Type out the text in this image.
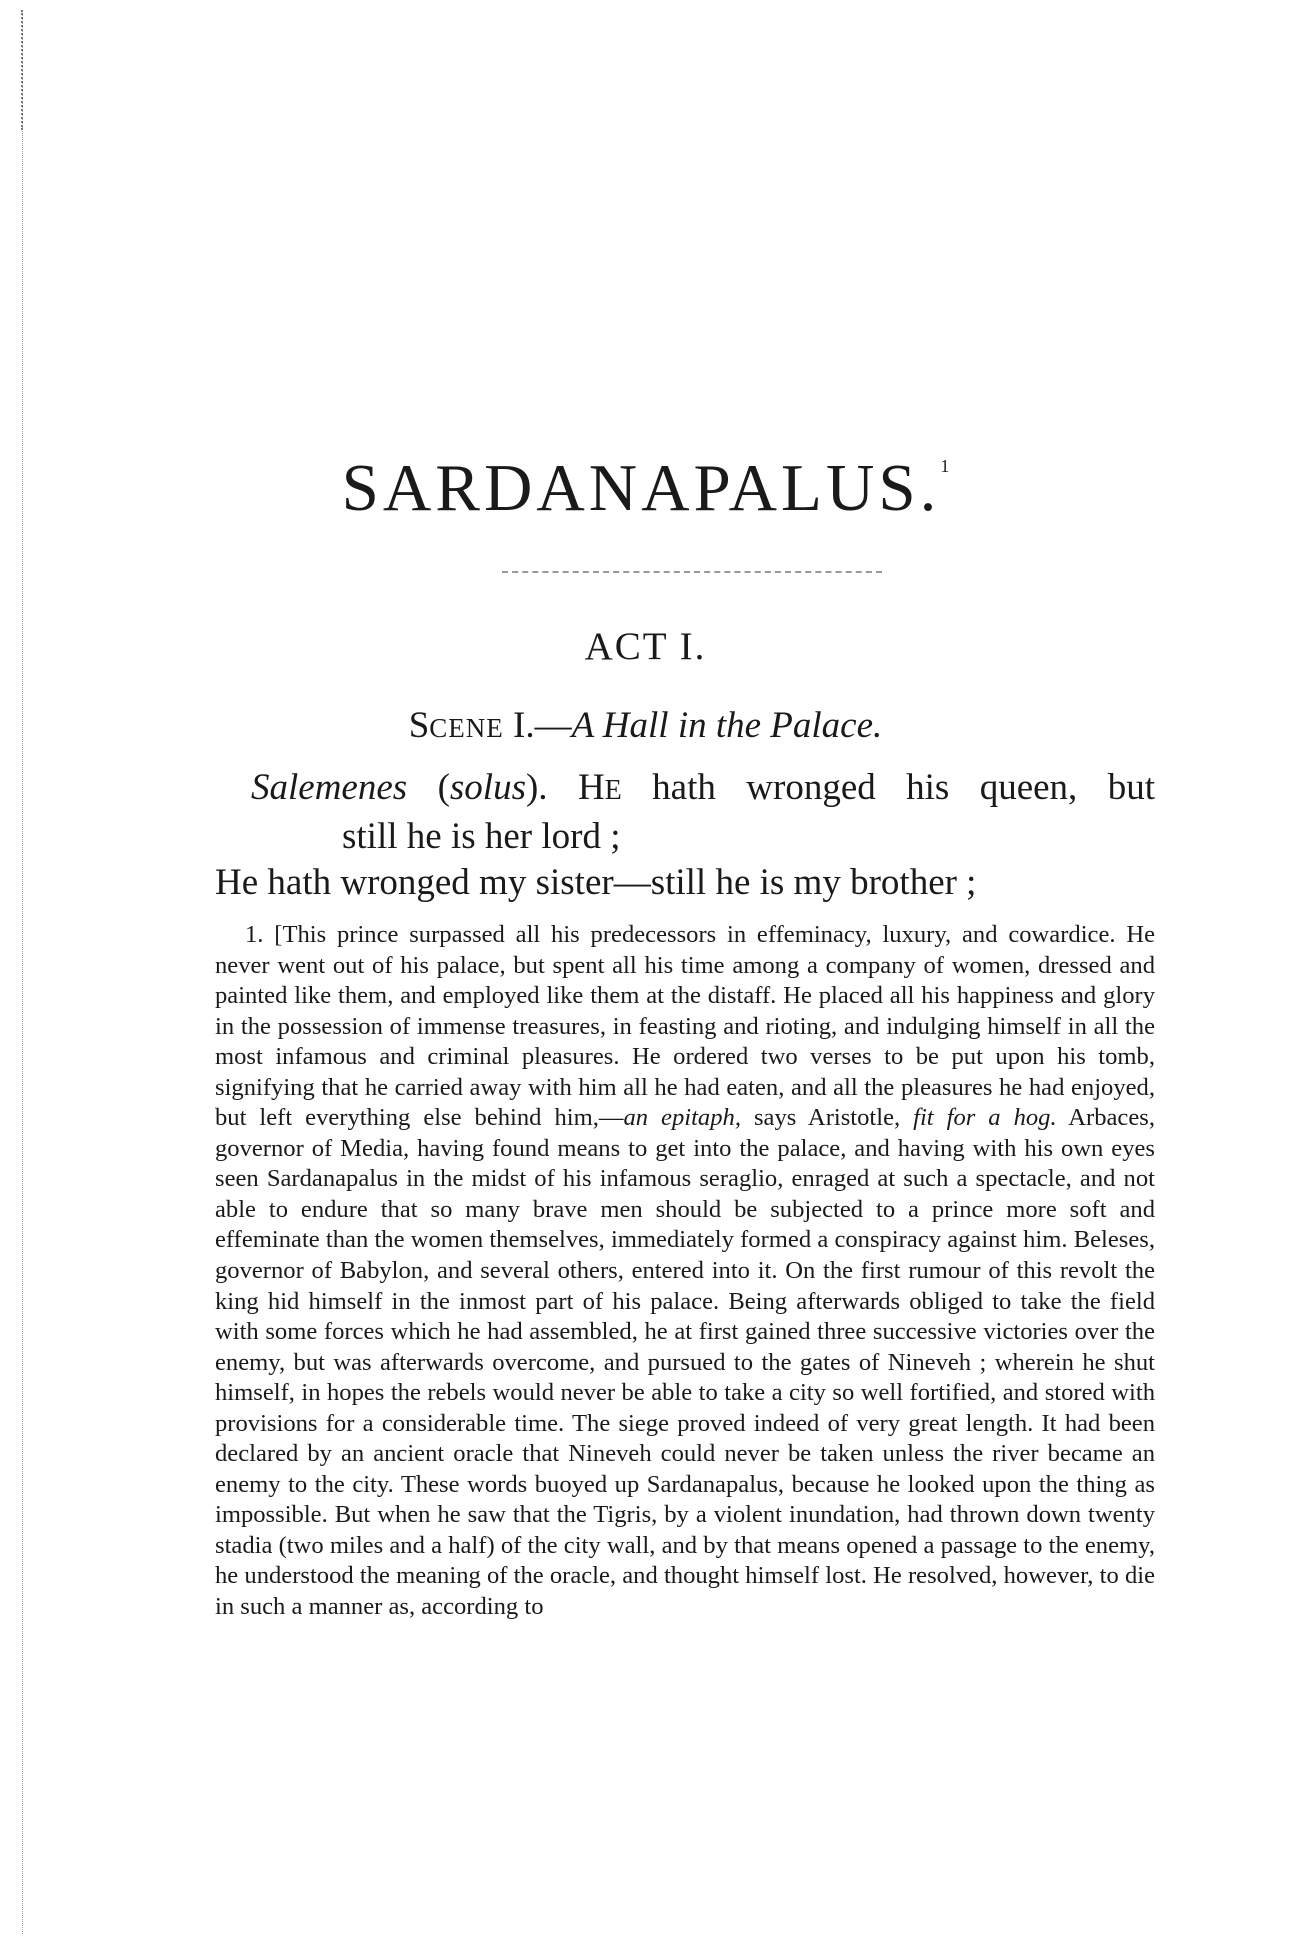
SARDANAPALUS.$^1$
ACT I.
SCENE I.—A Hall in the Palace.
Salemenes (solus). HE hath wronged his queen, but
still he is her lord ;
He hath wronged my sister—still he is my brother ;
1. [This prince surpassed all his predecessors in effeminacy, luxury, and cowardice. He never went out of his palace, but spent all his time among a company of women, dressed and painted like them, and employed like them at the distaff. He placed all his happiness and glory in the possession of immense treasures, in feasting and rioting, and indulging himself in all the most infamous and criminal pleasures. He ordered two verses to be put upon his tomb, signifying that he carried away with him all he had eaten, and all the pleasures he had enjoyed, but left everything else behind him,—an epitaph, says Aristotle, fit for a hog. Arbaces, governor of Media, having found means to get into the palace, and having with his own eyes seen Sardanapalus in the midst of his infamous seraglio, enraged at such a spectacle, and not able to endure that so many brave men should be subjected to a prince more soft and effeminate than the women themselves, immediately formed a conspiracy against him. Beleses, governor of Babylon, and several others, entered into it. On the first rumour of this revolt the king hid himself in the inmost part of his palace. Being afterwards obliged to take the field with some forces which he had assembled, he at first gained three successive victories over the enemy, but was afterwards overcome, and pursued to the gates of Nineveh ; wherein he shut himself, in hopes the rebels would never be able to take a city so well fortified, and stored with provisions for a considerable time. The siege proved indeed of very great length. It had been declared by an ancient oracle that Nineveh could never be taken unless the river became an enemy to the city. These words buoyed up Sardanapalus, because he looked upon the thing as impossible. But when he saw that the Tigris, by a violent inundation, had thrown down twenty stadia (two miles and a half) of the city wall, and by that means opened a passage to the enemy, he understood the meaning of the oracle, and thought himself lost. He resolved, however, to die in such a manner as, according to
